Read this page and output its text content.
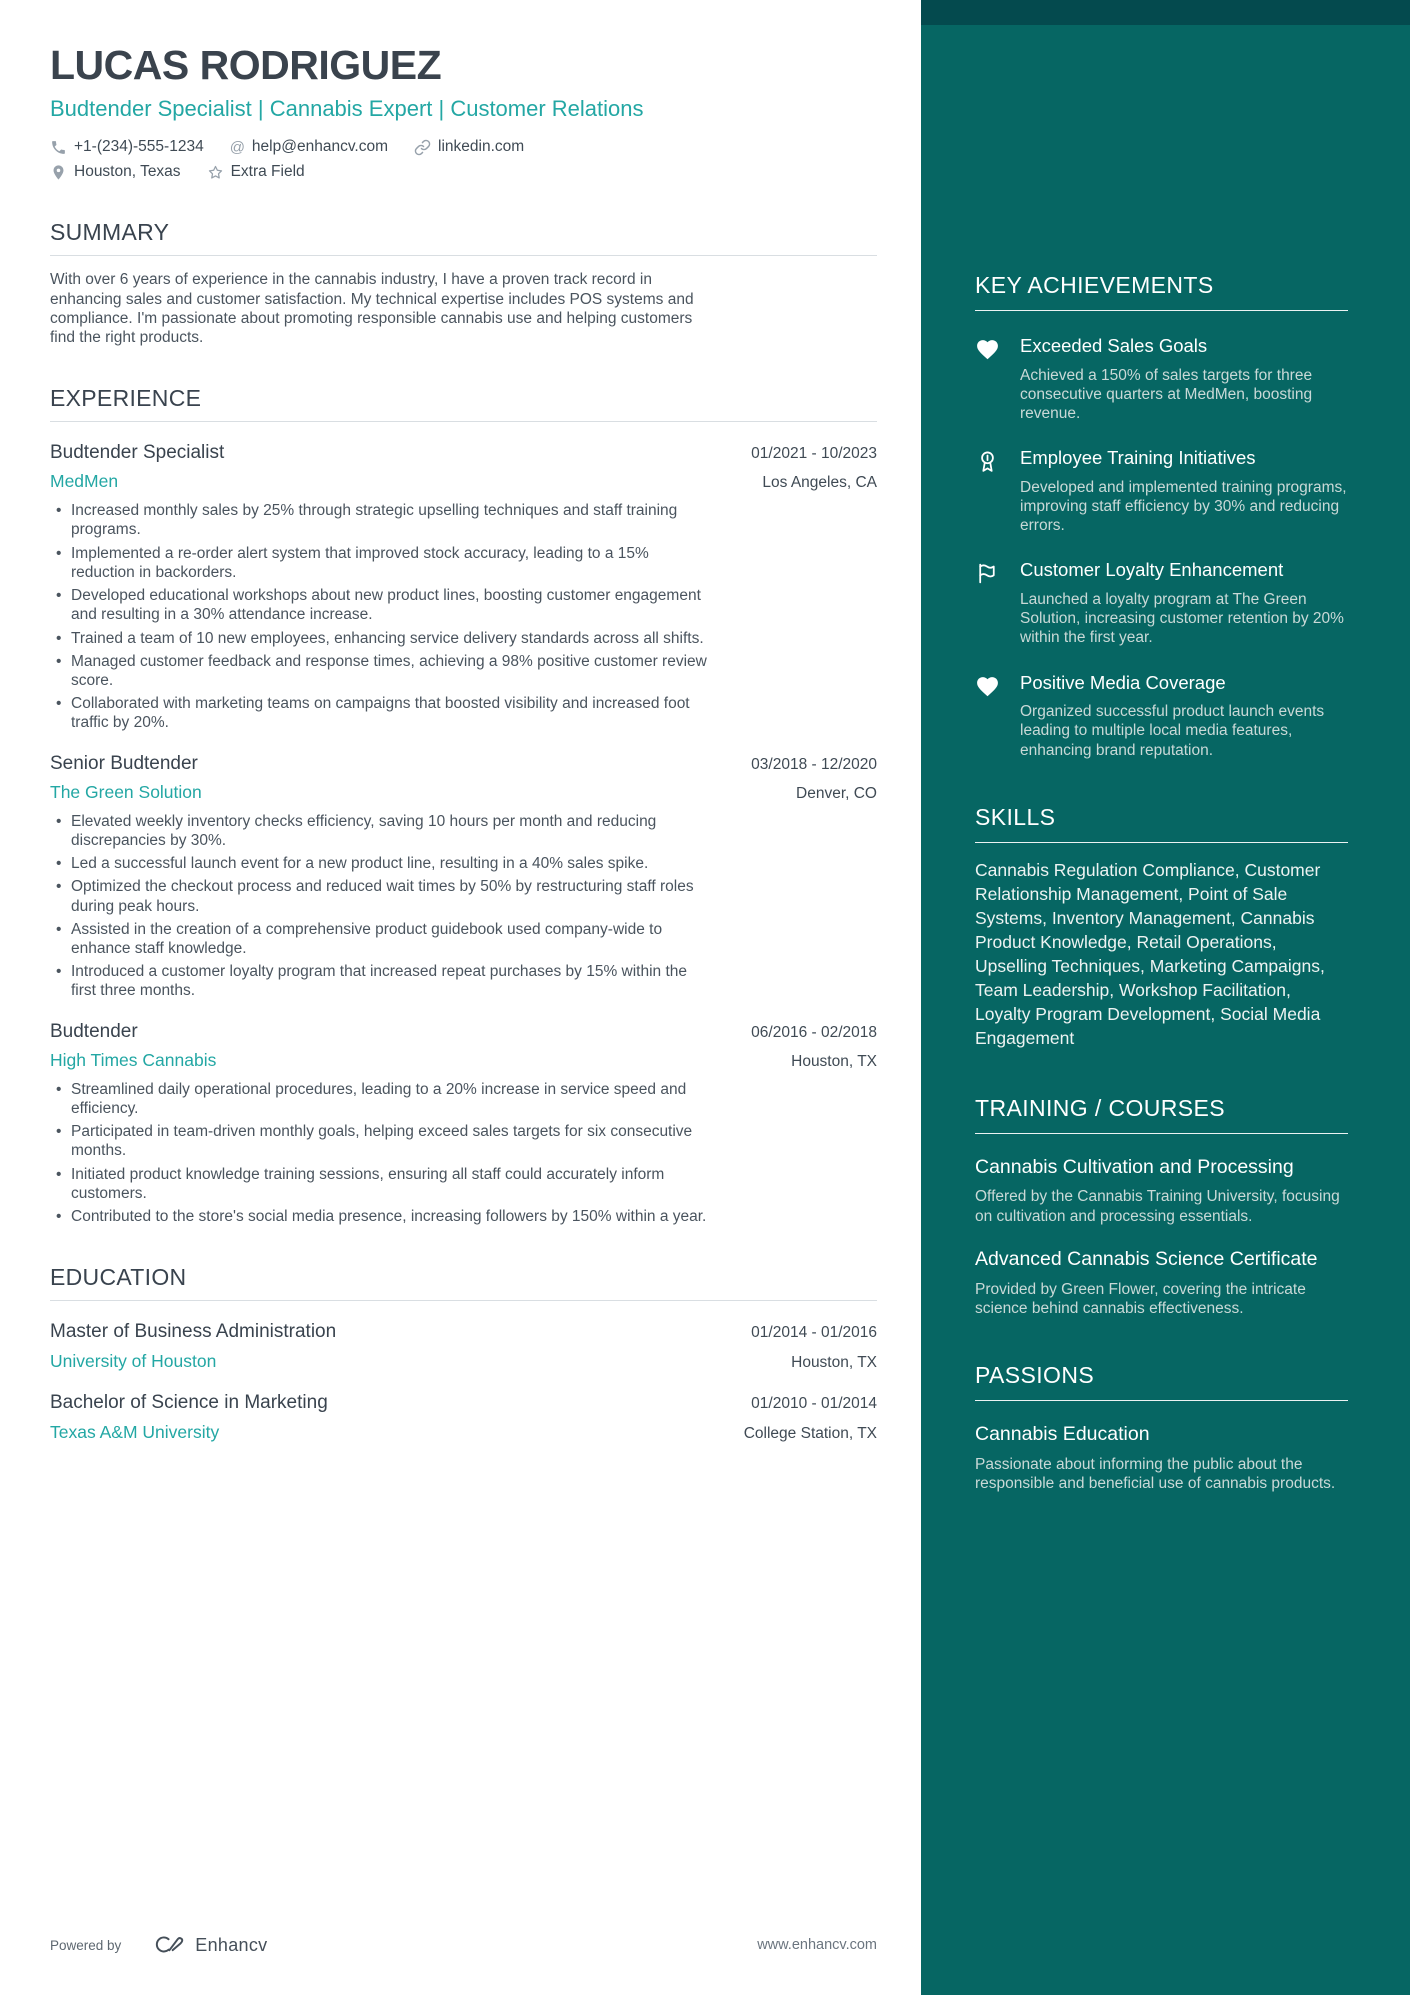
LUCAS RODRIGUEZ
Budtender Specialist | Cannabis Expert | Customer Relations
+1-(234)-555-1234 @ help@enhancv.com	linkedin.com
Houston, Texas	Extra Field
SUMMARY

With over 6 years of experience in the cannabis industry, I have a proven track record in enhancing sales and customer satisfaction. My technical expertise includes POS systems and compliance. I'm passionate about promoting responsible cannabis use and helping customers find the right products.

EXPERIENCE
Budtender Specialist	01/2021 - 10/2023
MedMen	Los Angeles, CA
• Increased monthly sales by 25% through strategic upselling techniques and staff training programs.
• Implemented a re-order alert system that improved stock accuracy, leading to a 15% reduction in backorders.
• Developed educational workshops about new product lines, boosting customer engagement and resulting in a 30% attendance increase.
• Trained a team of 10 new employees, enhancing service delivery standards across all shifts.
• Managed customer feedback and response times, achieving a 98% positive customer review score.
• Collaborated with marketing teams on campaigns that boosted visibility and increased foot traffic by 20%.
Senior Budtender	03/2018 - 12/2020
The Green Solution	Denver, CO
• Elevated weekly inventory checks efficiency, saving 10 hours per month and reducing discrepancies by 30%.
• Led a successful launch event for a new product line, resulting in a 40% sales spike.
• Optimized the checkout process and reduced wait times by 50% by restructuring staff roles during peak hours.
• Assisted in the creation of a comprehensive product guidebook used company-wide to enhance staff knowledge.
• Introduced a customer loyalty program that increased repeat purchases by 15% within the first three months.
Budtender	06/2016 - 02/2018
High Times Cannabis	Houston, TX
• Streamlined daily operational procedures, leading to a 20% increase in service speed and efficiency.
• Participated in team-driven monthly goals, helping exceed sales targets for six consecutive months.
• Initiated product knowledge training sessions, ensuring all staff could accurately inform customers.
• Contributed to the store's social media presence, increasing followers by 150% within a year.
EDUCATION
Master of Business Administration	01/2014 - 01/2016
University of Houston	Houston, TX
Bachelor of Science in Marketing	01/2010 - 01/2014
Texas A&M University	College Station, TX
Powered by	Enhancv	www.enhancv.com
KEY ACHIEVEMENTS
Exceeded Sales Goals
Achieved a 150% of sales targets for three consecutive quarters at MedMen, boosting revenue.
Employee Training Initiatives
Developed and implemented training programs, improving staff efficiency by 30% and reducing errors.
Customer Loyalty Enhancement
Launched a loyalty program at The Green Solution, increasing customer retention by 20% within the first year.
Positive Media Coverage
Organized successful product launch events leading to multiple local media features, enhancing brand reputation.
SKILLS

Cannabis Regulation Compliance, Customer Relationship Management, Point of Sale Systems, Inventory Management, Cannabis Product Knowledge, Retail Operations, Upselling Techniques, Marketing Campaigns, Team Leadership, Workshop Facilitation, Loyalty Program Development, Social Media Engagement

TRAINING / COURSES
Cannabis Cultivation and Processing
Offered by the Cannabis Training University, focusing on cultivation and processing essentials.
Advanced Cannabis Science Certificate
Provided by Green Flower, covering the intricate science behind cannabis effectiveness.
PASSIONS
Cannabis Education
Passionate about informing the public about the responsible and beneficial use of cannabis products.
